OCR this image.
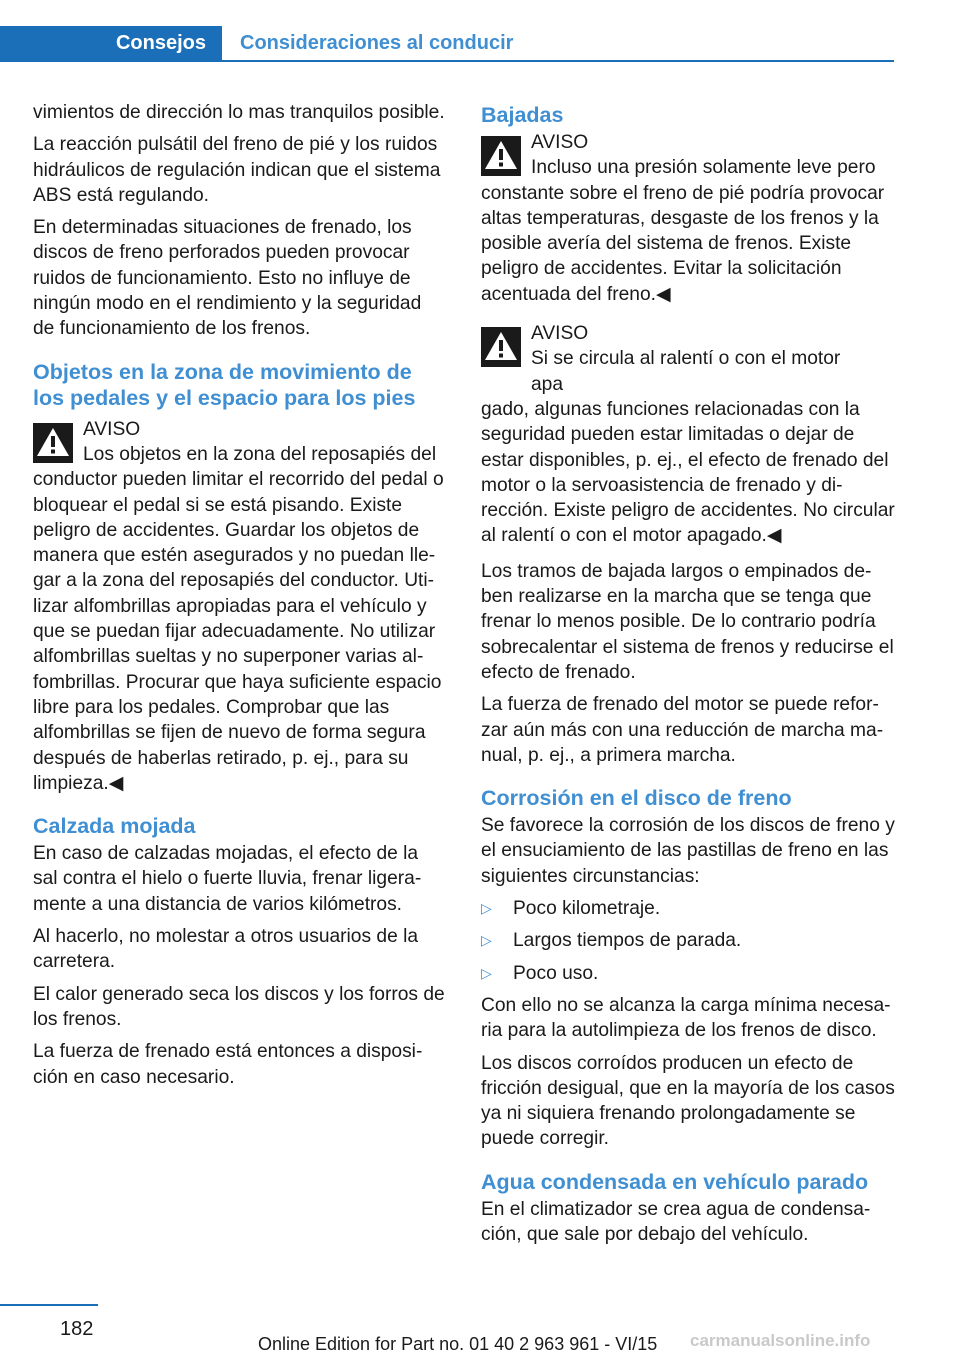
Consejos Consideraciones al conducir

vimientos de dirección lo mas tranquilos posible.

La reacción pulsátil del freno de pié y los ruidos hidráulicos de regulación indican que el sistema ABS está regulando.

En determinadas situaciones de frenado, los discos de freno perforados pueden provocar ruidos de funcionamiento. Esto no influye de ningún modo en el rendimiento y la seguridad de funcionamiento de los frenos.

Objetos en la zona de movimiento de los pedales y el espacio para los pies
AVISO
Los objetos en la zona del reposapiés del
conductor pueden limitar el recorrido del pedal o bloquear el pedal si se está pisando. Existe peligro de accidentes. Guardar los objetos de manera que estén asegurados y no puedan llegar a la zona del reposapiés del conductor. Utilizar alfombrillas apropiadas para el vehículo y que se puedan fijar adecuadamente. No utilizar alfombrillas sueltas y no superponer varias alfombrillas. Procurar que haya suficiente espacio libre para los pedales. Comprobar que las alfombrillas se fijen de nuevo de forma segura después de haberlas retirado, p. ej., para su limpieza.◀
Calzada mojada

En caso de calzadas mojadas, el efecto de la sal contra el hielo o fuerte lluvia, frenar ligeramente a una distancia de varios kilómetros.

Al hacerlo, no molestar a otros usuarios de la carretera.

El calor generado seca los discos y los forros de los frenos.

La fuerza de frenado está entonces a disposición en caso necesario.

Bajadas
AVISO
Incluso una presión solamente leve pero
constante sobre el freno de pié podría provocar altas temperaturas, desgaste de los frenos y la posible avería del sistema de frenos. Existe peligro de accidentes. Evitar la solicitación acentuada del freno.◀
AVISO
Si se circula al ralentí o con el motor apa
gado, algunas funciones relacionadas con la seguridad pueden estar limitadas o dejar de estar disponibles, p. ej., el efecto de frenado del motor o la servoasistencia de frenado y dirección. Existe peligro de accidentes. No circular al ralentí o con el motor apagado.◀

Los tramos de bajada largos o empinados deben realizarse en la marcha que se tenga que frenar lo menos posible. De lo contrario podría sobrecalentar el sistema de frenos y reducirse el efecto de frenado.

La fuerza de frenado del motor se puede reforzar aún más con una reducción de marcha manual, p. ej., a primera marcha.

Corrosión en el disco de freno

Se favorece la corrosión de los discos de freno y el ensuciamiento de las pastillas de freno en las siguientes circunstancias:

▷	Poco kilometraje.
▷	Largos tiempos de parada.
▷	Poco uso.

Con ello no se alcanza la carga mínima necesaria para la autolimpieza de los frenos de disco.

Los discos corroídos producen un efecto de fricción desigual, que en la mayoría de los casos ya ni siquiera frenando prolongadamente se puede corregir.

Agua condensada en vehículo parado

En el climatizador se crea agua de condensación, que sale por debajo del vehículo.

182
Online Edition for Part no. 01 40 2 963 961 - VI/15 carmanualsonline.info
